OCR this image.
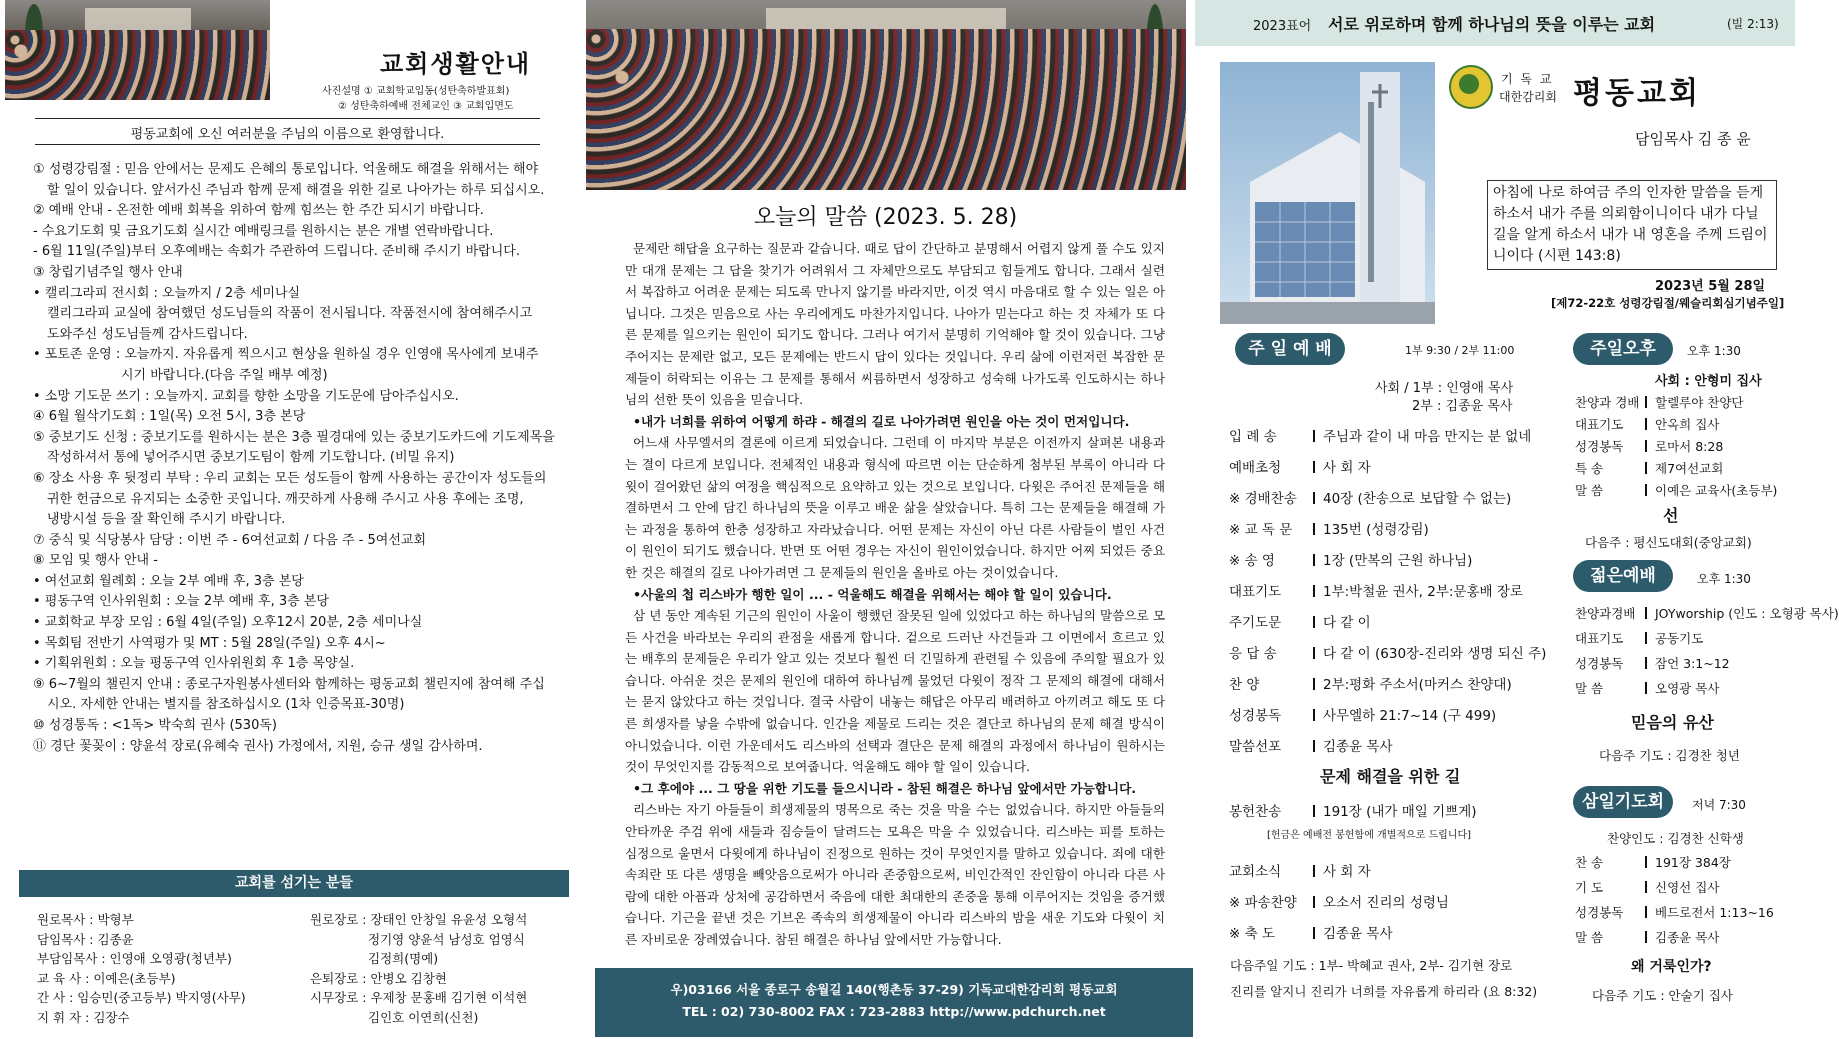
교회생활안내
사진설명 ① 교회학교입동(성탄축하발표회)
② 성탄축하예배 전체교인 ③ 교회입면도
평동교회에 오신 여러분을 주님의 이름으로 환영합니다.
① 성령강림절 : 믿음 안에서는 문제도 은혜의 통로입니다. 억울해도 해결을 위해서는 해야
할 일이 있습니다. 앞서가신 주님과 함께 문제 해결을 위한 길로 나아가는 하루 되십시오.
② 예배 안내 - 온전한 예배 회복을 위하여 함께 힘쓰는 한 주간 되시기 바랍니다.
- 수요기도회 및 금요기도회 실시간 예배링크를 원하시는 분은 개별 연락바랍니다.
- 6월 11일(주일)부터 오후예배는 속회가 주관하여 드립니다. 준비해 주시기 바랍니다.
③ 창립기념주일 행사 안내
• 캘리그라피 전시회 : 오늘까지 / 2층 세미나실
캘리그라피 교실에 참여했던 성도님들의 작품이 전시됩니다. 작품전시에 참여해주시고
도와주신 성도님들께 감사드립니다.
• 포토존 운영 : 오늘까지. 자유롭게 찍으시고 현상을 원하실 경우 인영애 목사에게 보내주
시기 바랍니다.(다음 주일 배부 예정)
• 소망 기도문 쓰기 : 오늘까지. 교회를 향한 소망을 기도문에 담아주십시오.
④ 6월 월삭기도회 : 1일(목) 오전 5시, 3층 본당
⑤ 중보기도 신청 : 중보기도를 원하시는 분은 3층 필경대에 있는 중보기도카드에 기도제목을
작성하셔서 통에 넣어주시면 중보기도팀이 함께 기도합니다. (비밀 유지)
⑥ 장소 사용 후 뒷정리 부탁 : 우리 교회는 모든 성도들이 함께 사용하는 공간이자 성도들의
귀한 헌금으로 유지되는 소중한 곳입니다. 깨끗하게 사용해 주시고 사용 후에는 조명,
냉방시설 등을 잘 확인해 주시기 바랍니다.
⑦ 중식 및 식당봉사 담당 : 이번 주 - 6여선교회 / 다음 주 - 5여선교회
⑧ 모임 및 행사 안내 -
• 여선교회 월례회 : 오늘 2부 예배 후, 3층 본당
• 평동구역 인사위원회 : 오늘 2부 예배 후, 3층 본당
• 교회학교 부장 모임 : 6월 4일(주일) 오후12시 20분, 2층 세미나실
• 목회팀 전반기 사역평가 및 MT : 5월 28일(주일) 오후 4시~
• 기획위원회 : 오늘 평동구역 인사위원회 후 1층 목양실.
⑨ 6~7월의 챌린지 안내 : 종로구자원봉사센터와 함께하는 평동교회 챌린지에 참여해 주십
시오. 자세한 안내는 별지를 참조하십시오 (1차 인증목표-30명)
⑩ 성경통독 : <1독> 박숙희 권사 (530독)
⑪ 경단 꽃꽂이 : 양윤석 장로(유혜숙 권사) 가정에서, 지원, 승규 생일 감사하며.
교회를 섬기는 분들
원로목사 : 박형부
담임목사 : 김종윤
부담임목사 : 인영애 오영광(청년부)
교 육 사 : 이예은(초등부)
간 사 : 임승민(중고등부) 박지영(사무)
지 휘 자 : 김장수
원로장로 : 장태인 안창일 유윤성 오형석
정기영 양윤석 남성호 엄영식
김정희(명예)
은퇴장로 : 안병오 김창현
시무장로 : 우제창 문홍배 김기현 이석현
김인호 이연희(신천)
오늘의 말씀 (2023. 5. 28)

문제란 해답을 요구하는 질문과 같습니다. 때로 답이 간단하고 분명해서 어렵지 않게 풀 수도 있지만 대개 문제는 그 답을 찾기가 어려워서 그 자체만으로도 부담되고 힘들게도 합니다. 그래서 실련서 복잡하고 어려운 문제는 되도록 만나지 않기를 바라지만, 이것 역시 마음대로 할 수 있는 일은 아닙니다. 그것은 믿음으로 사는 우리에게도 마찬가지입니다. 나아가 믿는다고 하는 것 자체가 또 다른 문제를 일으키는 원인이 되기도 합니다. 그러나 여기서 분명히 기억해야 할 것이 있습니다. 그냥 주어지는 문제란 없고, 모든 문제에는 반드시 답이 있다는 것입니다. 우리 삶에 이런저런 복잡한 문제들이 허락되는 이유는 그 문제를 통해서 씨름하면서 성장하고 성숙해 나가도록 인도하시는 하나님의 선한 뜻이 있음을 믿습니다.

•내가 너희를 위하여 어떻게 하랴 - 해결의 길로 나아가려면 원인을 아는 것이 먼저입니다.

어느새 사무엘서의 결론에 이르게 되었습니다. 그런데 이 마지막 부분은 이전까지 살펴본 내용과는 결이 다르게 보입니다. 전체적인 내용과 형식에 따르면 이는 단순하게 첨부된 부록이 아니라 다윗이 걸어왔던 삶의 여정을 핵심적으로 요약하고 있는 것으로 보입니다. 다윗은 주어진 문제들을 해결하면서 그 안에 담긴 하나님의 뜻을 이루고 배운 삶을 살았습니다. 특히 그는 문제들을 해결해 가는 과정을 통하여 한층 성장하고 자라났습니다. 어떤 문제는 자신이 아닌 다른 사람들이 벌인 사건이 원인이 되기도 했습니다. 반면 또 어떤 경우는 자신이 원인이었습니다. 하지만 어찌 되었든 중요한 것은 해결의 길로 나아가려면 그 문제들의 원인을 올바로 아는 것이었습니다.

•사울의 첩 리스바가 행한 일이 ... - 억울해도 해결을 위해서는 해야 할 일이 있습니다.

삼 년 동안 계속된 기근의 원인이 사울이 행했던 잘못된 일에 있었다고 하는 하나님의 말씀으로 모든 사건을 바라보는 우리의 관점을 새롭게 합니다. 겉으로 드러난 사건들과 그 이면에서 흐르고 있는 배후의 문제들은 우리가 알고 있는 것보다 훨씬 더 긴밀하게 관련될 수 있음에 주의할 필요가 있습니다. 아쉬운 것은 문제의 원인에 대하여 하나님께 물었던 다윗이 정작 그 문제의 해결에 대해서는 묻지 않았다고 하는 것입니다. 결국 사람이 내놓는 해답은 아무리 배려하고 아끼려고 해도 또 다른 희생자를 낳을 수밖에 없습니다. 인간을 제물로 드리는 것은 결단코 하나님의 문제 해결 방식이 아니었습니다. 이런 가운데서도 리스바의 선택과 결단은 문제 해결의 과정에서 하나님이 원하시는 것이 무엇인지를 감동적으로 보여줍니다. 억울해도 해야 할 일이 있습니다.

•그 후에야 ... 그 땅을 위한 기도를 들으시니라 - 참된 해결은 하나님 앞에서만 가능합니다.

리스바는 자기 아들들이 희생제물의 명목으로 죽는 것을 막을 수는 없었습니다. 하지만 아들들의 안타까운 주검 위에 새들과 짐승들이 달려드는 모욕은 막을 수 있었습니다. 리스바는 피를 토하는 심정으로 울면서 다윗에게 하나님이 진정으로 원하는 것이 무엇인지를 말하고 있습니다. 죄에 대한 속죄란 또 다른 생명을 빼앗음으로써가 아니라 존중함으로써, 비인간적인 잔인함이 아니라 다른 사람에 대한 아픔과 상처에 공감하면서 죽음에 대한 최대한의 존중을 통해 이루어지는 것임을 증거했습니다. 기근을 끝낸 것은 기브온 족속의 희생제물이 아니라 리스바의 밤을 새운 기도와 다윗이 치른 자비로운 장례였습니다. 참된 해결은 하나님 앞에서만 가능합니다.

우)03166 서울 종로구 송월길 140(행촌동 37-29) 기독교대한감리회 평동교회
TEL : 02) 730-8002 FAX : 723-2883 http://www.pdchurch.net
2023표어 서로 위로하며 함께 하나님의 뜻을 이루는 교회	(빌 2:13)
기 독 교
대한감리회 평동교회
담임목사 김 종 윤
아침에 나로 하여금 주의 인자한 말씀을 듣게 하소서 내가 주를 의뢰함이니이다 내가 다닐 길을 알게 하소서 내가 내 영혼을 주께 드림이니이다 (시편 143:8)
2023년 5월 28일
[제72-22호 성령강림절/웨슬리회심기념주일]
주 일 예 배	1부 9:30 / 2부 11:00
사회 / 1부 : 인영애 목사
2부 : 김종윤 목사
입 례 송	주님과 같이 내 마음 만지는 분 없네
예배초청	사 회 자
※ 경배찬송 40장 (찬송으로 보답할 수 없는)
※ 교 독 문 135번 (성령강림)
※ 송 영	1장 (만복의 근원 하나님)
대표기도	1부:박철윤 권사, 2부:문홍배 장로
주기도문	다 같 이
응 답 송	다 같 이 (630장-진리와 생명 되신 주)
찬 양	2부:평화 주소서(마커스 찬양대)
성경봉독	사무엘하 21:7~14 (구 499)
말씀선포	김종윤 목사
문제 해결을 위한 길
봉헌찬송	191장 (내가 매일 기쁘게)
[헌금은 예배전 봉헌함에 개별적으로 드립니다]
교회소식	사 회 자
※ 파송찬양 오소서 진리의 성령님
※ 축 도	김종윤 목사
다음주일 기도 : 1부- 박혜교 권사, 2부- 김기현 장로
진리를 알지니 진리가 너희를 자유롭게 하리라 (요 8:32)
주일오후	오후 1:30
사회 : 안형미 집사
찬양과 경배 할렐루야 찬양단
대표기도	안옥희 집사
성경봉독	로마서 8:28
특 송	제7여선교회
말 씀	이예은 교육사(초등부)
선
다음주 : 평신도대회(중앙교회)
젊은예배	오후 1:30
찬양과경배 JOYworship (인도 : 오형광 목사)
대표기도	공동기도
성경봉독	잠언 3:1~12
말 씀	오영광 목사
믿음의 유산
다음주 기도 : 김경찬 청년
삼일기도회	저녁 7:30
찬양인도 : 김경찬 신학생
찬 송	191장 384장
기 도	신영선 집사
성경봉독	베드로전서 1:13~16
말 씀	김종윤 목사
왜 거룩인가?
다음주 기도 : 안술기 집사
